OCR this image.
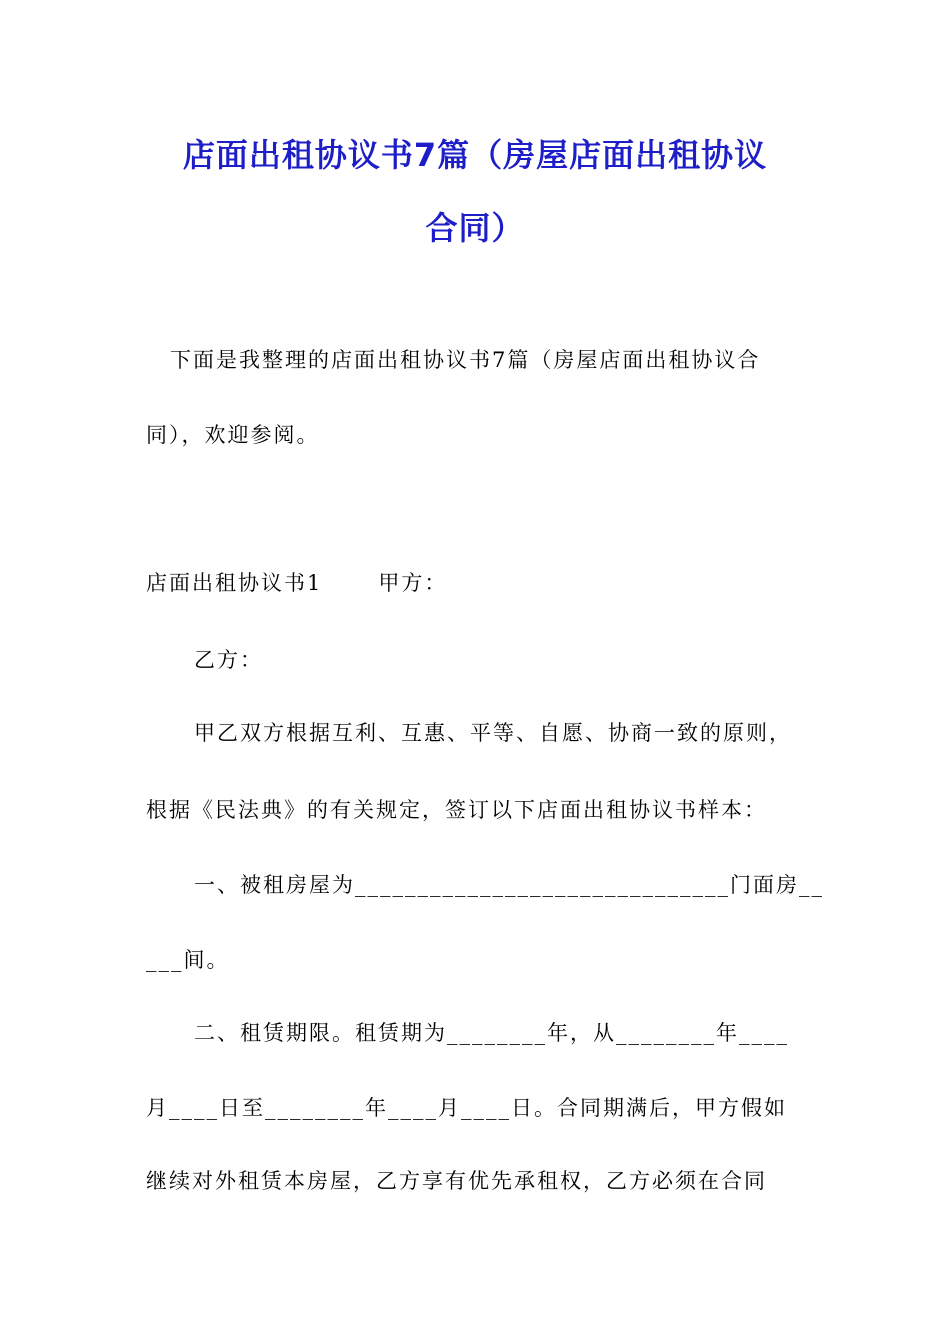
店面出租协议书7篇（房屋店面出租协议
合同）
下面是我整理的店面出租协议书7篇（房屋店面出租协议合
同），欢迎参阅。
店面出租协议书1	甲方：
乙方：
甲乙双方根据互利、互惠、平等、自愿、协商一致的原则，
根据《民法典》的有关规定，签订以下店面出租协议书样本：
一、被租房屋为______________________________门面房__
___间。
二、租赁期限。租赁期为________年，从________年____
月____日至________年____月____日。合同期满后，甲方假如
继续对外租赁本房屋，乙方享有优先承租权，乙方必须在合同
